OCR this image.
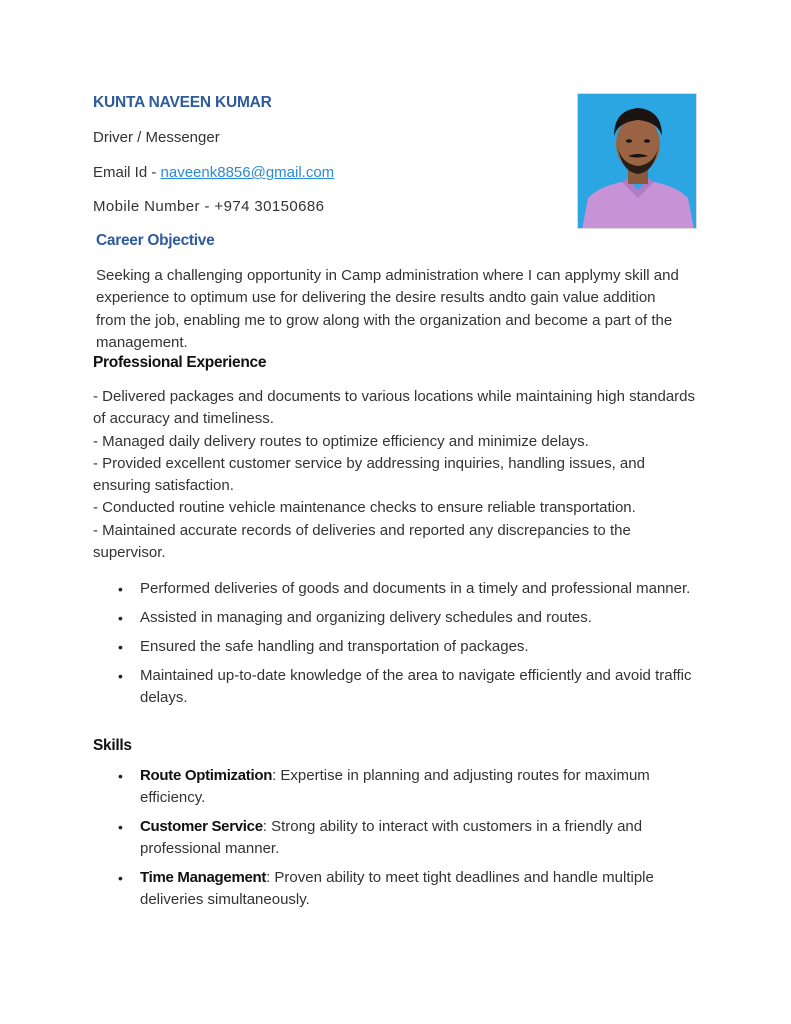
KUNTA NAVEEN KUMAR
Driver / Messenger
Email Id - naveenk8856@gmail.com
Mobile Number - +974 30150686
Career Objective

Seeking a challenging opportunity in Camp administration where I can applymy skill and experience to optimum use for delivering the desire results andto gain value addition from the job, enabling me to grow along with the organization and become a part of the management.

Professional Experience
- Delivered packages and documents to various locations while maintaining high standards of accuracy and timeliness.
- Managed daily delivery routes to optimize efficiency and minimize delays.
- Provided excellent customer service by addressing inquiries, handling issues, and ensuring satisfaction.
- Conducted routine vehicle maintenance checks to ensure reliable transportation.
- Maintained accurate records of deliveries and reported any discrepancies to the supervisor.
• Performed deliveries of goods and documents in a timely and professional manner.
• Assisted in managing and organizing delivery schedules and routes.
• Ensured the safe handling and transportation of packages.
• Maintained up-to-date knowledge of the area to navigate efficiently and avoid traffic delays.
Skills
• Route Optimization: Expertise in planning and adjusting routes for maximum efficiency.
• Customer Service: Strong ability to interact with customers in a friendly and professional manner.
• Time Management: Proven ability to meet tight deadlines and handle multiple deliveries simultaneously.
